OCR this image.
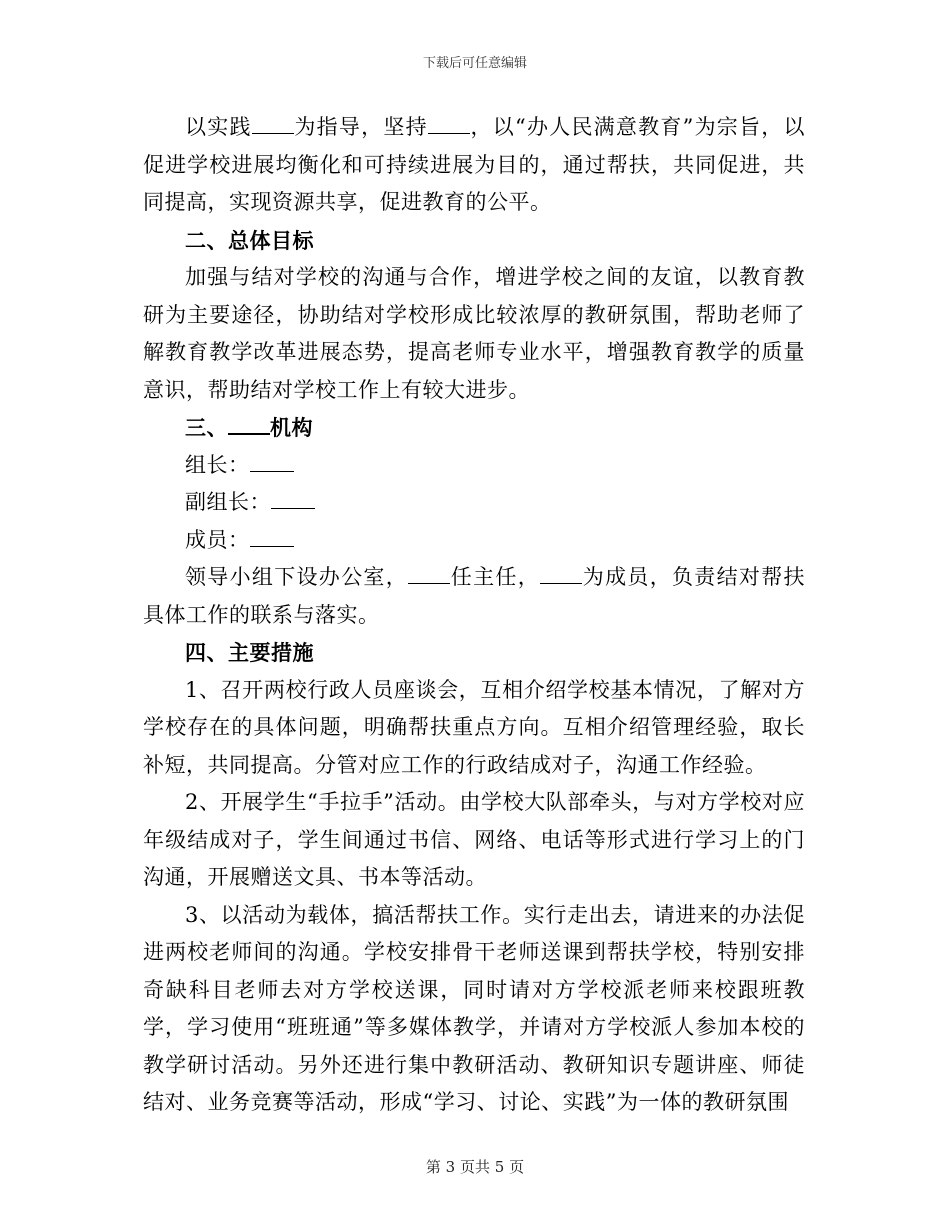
下载后可任意编辑

以实践 为指导，坚持 ，以“办人民满意教育”为宗旨，以促进学校进展均衡化和可持续进展为目的，通过帮扶，共同促进，共同提高，实现资源共享，促进教育的公平。

二、总体目标

加强与结对学校的沟通与合作，增进学校之间的友谊，以教育教研为主要途径，协助结对学校形成比较浓厚的教研氛围，帮助老师了解教育教学改革进展态势，提高老师专业水平，增强教育教学的质量意识，帮助结对学校工作上有较大进步。

三、 机构

组长：

副组长：

成员：

领导小组下设办公室， 任主任， 为成员，负责结对帮扶具体工作的联系与落实。

四、主要措施

1、召开两校行政人员座谈会，互相介绍学校基本情况，了解对方学校存在的具体问题，明确帮扶重点方向。互相介绍管理经验，取长补短，共同提高。分管对应工作的行政结成对子，沟通工作经验。

2、开展学生“手拉手”活动。由学校大队部牵头，与对方学校对应年级结成对子，学生间通过书信、网络、电话等形式进行学习上的门沟通，开展赠送文具、书本等活动。

3、以活动为载体，搞活帮扶工作。实行走出去，请进来的办法促进两校老师间的沟通。学校安排骨干老师送课到帮扶学校，特别安排奇缺科目老师去对方学校送课，同时请对方学校派老师来校跟班教学，学习使用“班班通”等多媒体教学，并请对方学校派人参加本校的教学研讨活动。另外还进行集中教研活动、教研知识专题讲座、师徒结对、业务竞赛等活动，形成“学习、讨论、实践”为一体的教研氛围

第 3 页共 5 页
